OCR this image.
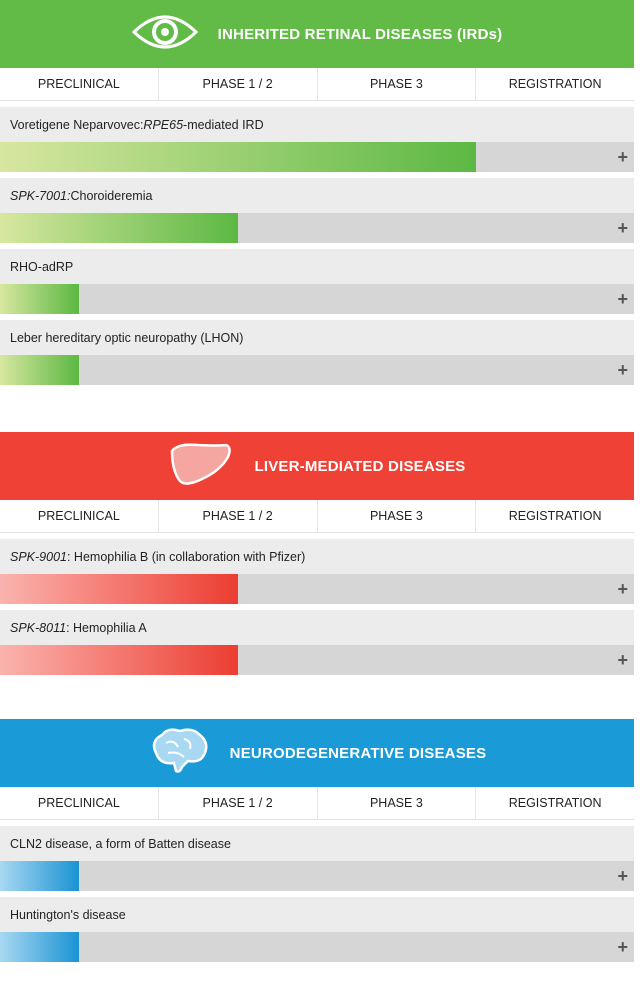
INHERITED RETINAL DISEASES (IRDs)
PRECLINICAL	PHASE 1 / 2	PHASE 3	REGISTRATION
Voretigene Neparvovec: RPE65 -mediated IRD
+
SPK-7001: Choroideremia
+
RHO-adRP
+
Leber hereditary optic neuropathy (LHON)
+
LIVER-MEDIATED DISEASES
PRECLINICAL	PHASE 1 / 2	PHASE 3	REGISTRATION
SPK-9001 : Hemophilia B (in collaboration with Pfizer)
+
SPK-8011 : Hemophilia A
+
NEURODEGENERATIVE DISEASES
PRECLINICAL	PHASE 1 / 2	PHASE 3	REGISTRATION
CLN2 disease, a form of Batten disease
+
Huntington's disease
+
